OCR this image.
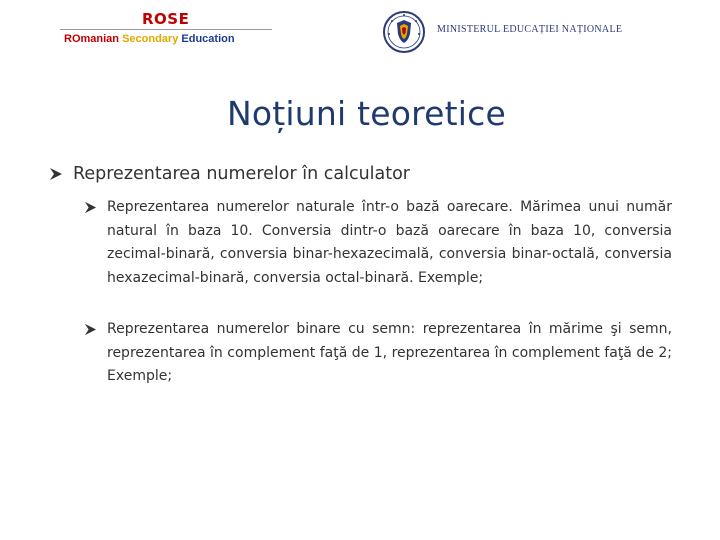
ROSE
ROmanian Secondary Education
MINISTERUL EDUCAȚIEI NAȚIONALE
Noțiuni teoretice
Reprezentarea numerelor în calculator
Reprezentarea numerelor naturale într-o bază oarecare. Mărimea unui număr natural în baza 10. Conversia dintr-o bază oarecare în baza 10, conversia zecimal-binară, conversia binar-hexazecimală, conversia binar-octală, conversia hexazecimal-binară, conversia octal-binară. Exemple;
Reprezentarea numerelor binare cu semn: reprezentarea în mărime şi semn, reprezentarea în complement faţă de 1, reprezentarea în complement faţă de 2; Exemple;
